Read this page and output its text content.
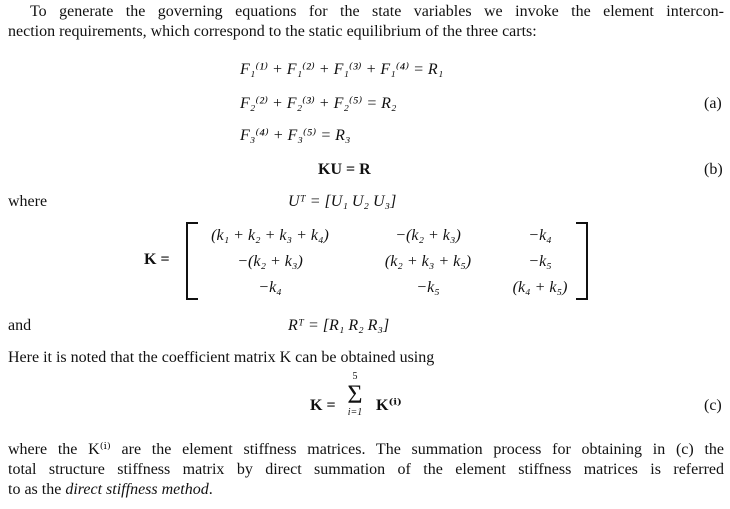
To generate the governing equations for the state variables we invoke the element intercon-
nection requirements, which correspond to the static equilibrium of the three carts:
F₁⁽¹⁾ + F₁⁽²⁾ + F₁⁽³⁾ + F₁⁽⁴⁾ = R₁
F₂⁽²⁾ + F₂⁽³⁾ + F₂⁽⁵⁾ = R₂	(a)
F₃⁽⁴⁾ + F₃⁽⁵⁾ = R₃
KU = R	(b)
where	Uᵀ = [U₁ U₂ U₃]
K =
(k₁ + k₂ + k₃ + k₄)	−(k₂ + k₃)	−k₄
−(k₂ + k₃)	(k₂ + k₃ + k₅)	−k₅
−k₄	−k₅	(k₄ + k₅)
and	Rᵀ = [R₁ R₂ R₃]
Here it is noted that the coefficient matrix K can be obtained using
K =
5
Σ
i=1 K⁽ⁱ⁾	(c)
where the K⁽ⁱ⁾ are the element stiffness matrices. The summation process for obtaining in (c) the
total structure stiffness matrix by direct summation of the element stiffness matrices is referred
to as the direct stiffness method.
